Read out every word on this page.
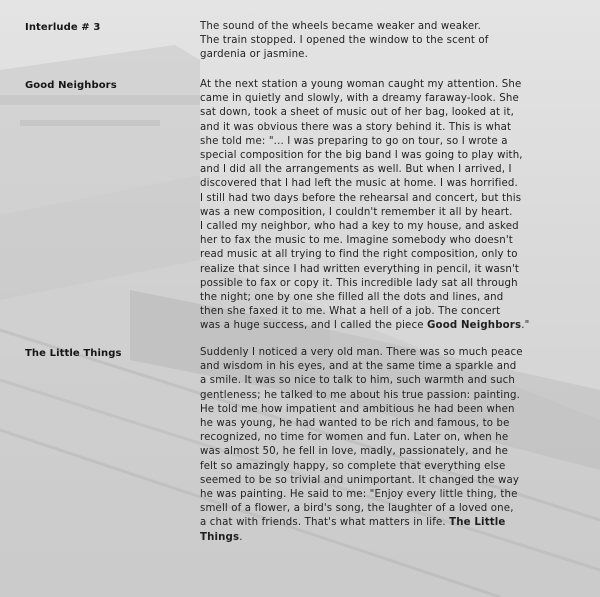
Interlude # 3	The sound of the wheels became weaker and weaker.
The train stopped. I opened the window to the scent of
gardenia or jasmine.
Good Neighbors	At the next station a young woman caught my attention. She
came in quietly and slowly, with a dreamy faraway-look. She
sat down, took a sheet of music out of her bag, looked at it,
and it was obvious there was a story behind it. This is what
she told me: "... I was preparing to go on tour, so I wrote a
special composition for the big band I was going to play with,
and I did all the arrangements as well. But when I arrived, I
discovered that I had left the music at home. I was horrified.
I still had two days before the rehearsal and concert, but this
was a new composition, I couldn't remember it all by heart.
I called my neighbor, who had a key to my house, and asked
her to fax the music to me. Imagine somebody who doesn't
read music at all trying to find the right composition, only to
realize that since I had written everything in pencil, it wasn't
possible to fax or copy it. This incredible lady sat all through
the night; one by one she filled all the dots and lines, and
then she faxed it to me. What a hell of a job. The concert
was a huge success, and I called the piece Good Neighbors."
The Little Things	Suddenly I noticed a very old man. There was so much peace
and wisdom in his eyes, and at the same time a sparkle and
a smile. It was so nice to talk to him, such warmth and such
gentleness; he talked to me about his true passion: painting.
He told me how impatient and ambitious he had been when
he was young, he had wanted to be rich and famous, to be
recognized, no time for women and fun. Later on, when he
was almost 50, he fell in love, madly, passionately, and he
felt so amazingly happy, so complete that everything else
seemed to be so trivial and unimportant. It changed the way
he was painting. He said to me: "Enjoy every little thing, the
smell of a flower, a bird's song, the laughter of a loved one,
a chat with friends. That's what matters in life. The Little
Things.
